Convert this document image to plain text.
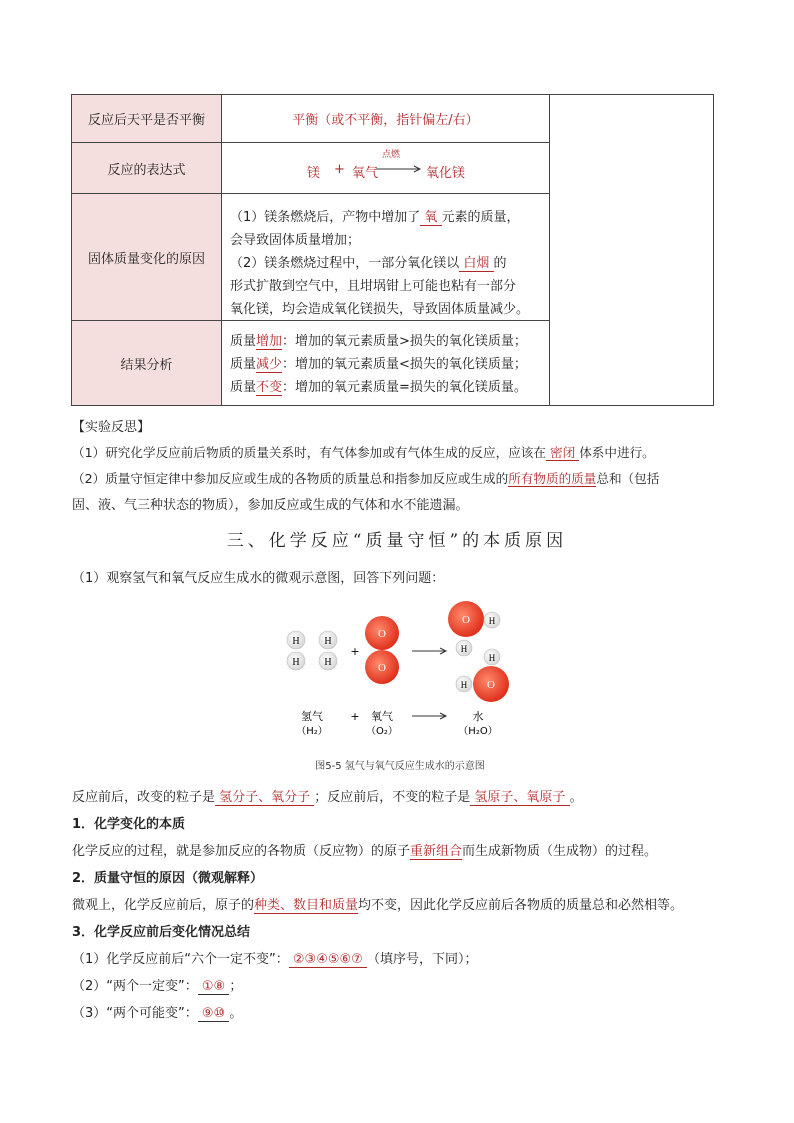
反应后天平是否平衡	平衡（或不平衡，指针偏左/右）
反应的表达式	镁 + 氧气
点燃
→ 氧化镁
固体质量变化的原因
（1）镁条燃烧后，产物中增加了 氧 元素的质量，
会导致固体质量增加；
（2）镁条燃烧过程中，一部分氧化镁以 白烟 的
形式扩散到空气中，且坩埚钳上可能也粘有一部分
氧化镁，均会造成氧化镁损失，导致固体质量减少。
结果分析
质量增加：增加的氧元素质量>损失的氧化镁质量；
质量减少：增加的氧元素质量<损失的氧化镁质量；
质量不变：增加的氧元素质量=损失的氧化镁质量。
【实验反思】
（1）研究化学反应前后物质的质量关系时，有气体参加或有气体生成的反应，应该在 密闭 体系中进行。
（2）质量守恒定律中参加反应或生成的各物质的质量总和指参加反应或生成的所有物质的质量总和（包括
固、液、气三种状态的物质），参加反应或生成的气体和水不能遗漏。
三、化学反应“质量守恒”的本质原因
（1）观察氢气和氧气反应生成水的微观示意图，回答下列问题：
H
H
H
H
+
O
O
O H
H
O
H
H
氢气
（H₂）
+ 氧气
（O₂）
水
（H₂O）
图5-5 氢气与氧气反应生成水的示意图
反应前后，改变的粒子是 氢分子、氧分子 ；反应前后，不变的粒子是 氢原子、氧原子 。
1．化学变化的本质
化学反应的过程，就是参加反应的各物质（反应物）的原子重新组合而生成新物质（生成物）的过程。
2．质量守恒的原因（微观解释）
微观上，化学反应前后，原子的种类、数目和质量均不变，因此化学反应前后各物质的质量总和必然相等。
3．化学反应前后变化情况总结
（1）化学反应前后“六个一定不变”： ②③④⑤⑥⑦ （填序号，下同）；
（2）“两个一定变”： ①⑧ ；
（3）“两个可能变”： ⑨⑩ 。
